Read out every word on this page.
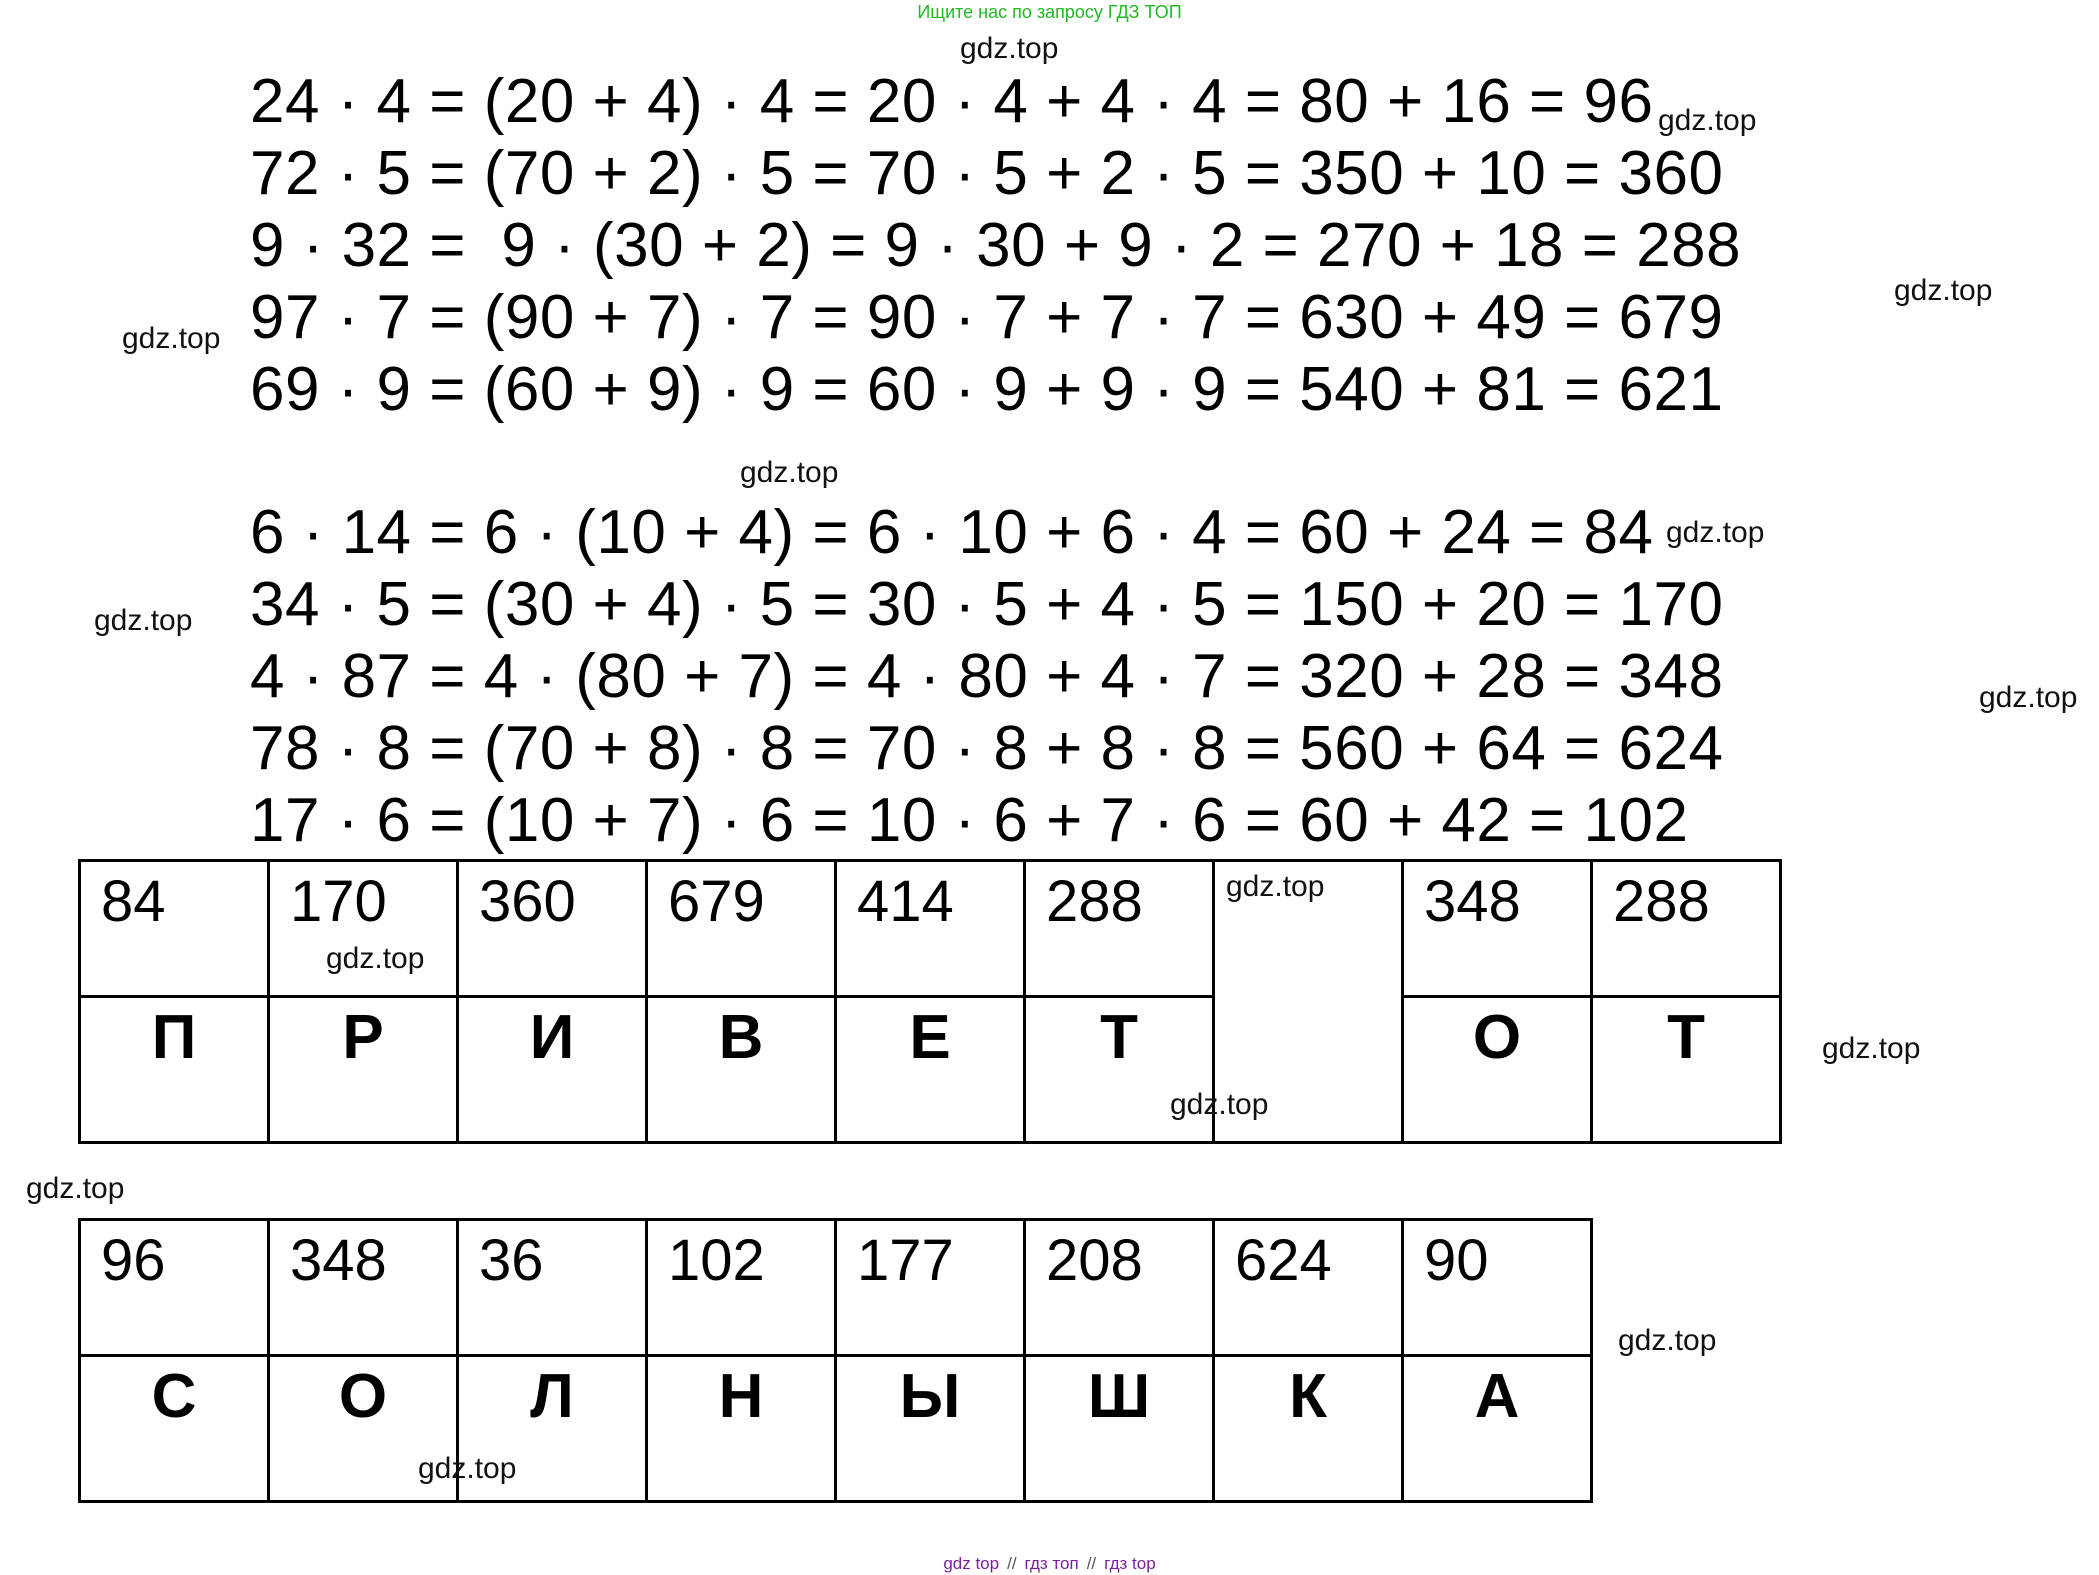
Ищите нас по запросу ГДЗ ТОП
24 · 4 = (20 + 4) · 4 = 20 · 4 + 4 · 4 = 80 + 16 = 96
72 · 5 = (70 + 2) · 5 = 70 · 5 + 2 · 5 = 350 + 10 = 360
9 · 32 =  9 · (30 + 2) = 9 · 30 + 9 · 2 = 270 + 18 = 288
97 · 7 = (90 + 7) · 7 = 90 · 7 + 7 · 7 = 630 + 49 = 679
69 · 9 = (60 + 9) · 9 = 60 · 9 + 9 · 9 = 540 + 81 = 621
6 · 14 = 6 · (10 + 4) = 6 · 10 + 6 · 4 = 60 + 24 = 84
34 · 5 = (30 + 4) · 5 = 30 · 5 + 4 · 5 = 150 + 20 = 170
4 · 87 = 4 · (80 + 7) = 4 · 80 + 4 · 7 = 320 + 28 = 348
78 · 8 = (70 + 8) · 8 = 70 · 8 + 8 · 8 = 560 + 64 = 624
17 · 6 = (10 + 7) · 6 = 10 · 6 + 7 · 6 = 60 + 42 = 102
84	170	360	679	414	288		348	288

П	Р	И	В	Е	Т		О	Т
96	348	36	102	177	208	624	90

С	О	Л	Н	Ы	Ш	К	А
gdz.top
gdz.top
gdz.top
gdz.top
gdz.top
gdz.top
gdz.top
gdz.top
gdz.top
gdz.top
gdz.top
gdz.top
gdz.top
gdz.top
gdz.top
gdz top // гдз топ // гдз top
